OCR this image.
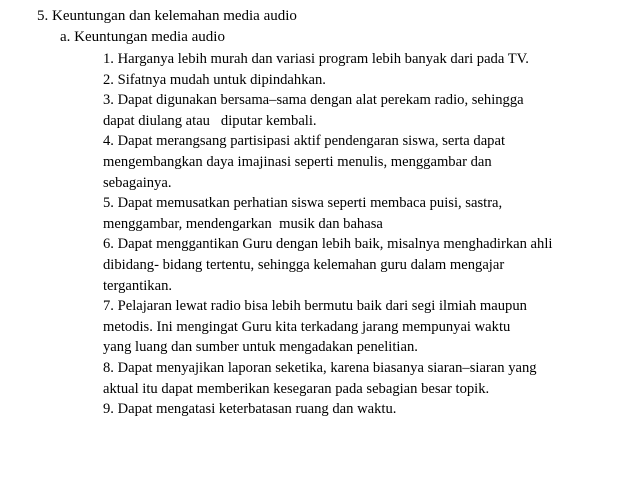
5. Keuntungan dan kelemahan media audio
a. Keuntungan media audio
1. Harganya lebih murah dan variasi program lebih banyak dari pada TV.
2. Sifatnya mudah untuk dipindahkan.
3. Dapat digunakan bersama–sama dengan alat perekam radio, sehingga
dapat diulang atau   diputar kembali.
4. Dapat merangsang partisipasi aktif pendengaran siswa, serta dapat
mengembangkan daya imajinasi seperti menulis, menggambar dan
sebagainya.
5. Dapat memusatkan perhatian siswa seperti membaca puisi, sastra,
menggambar, mendengarkan  musik dan bahasa
6. Dapat menggantikan Guru dengan lebih baik, misalnya menghadirkan ahli
dibidang- bidang tertentu, sehingga kelemahan guru dalam mengajar
tergantikan.
7. Pelajaran lewat radio bisa lebih bermutu baik dari segi ilmiah maupun
metodis. Ini mengingat Guru kita terkadang jarang mempunyai waktu
yang luang dan sumber untuk mengadakan penelitian.
8. Dapat menyajikan laporan seketika, karena biasanya siaran–siaran yang
aktual itu dapat memberikan kesegaran pada sebagian besar topik.
9. Dapat mengatasi keterbatasan ruang dan waktu.
